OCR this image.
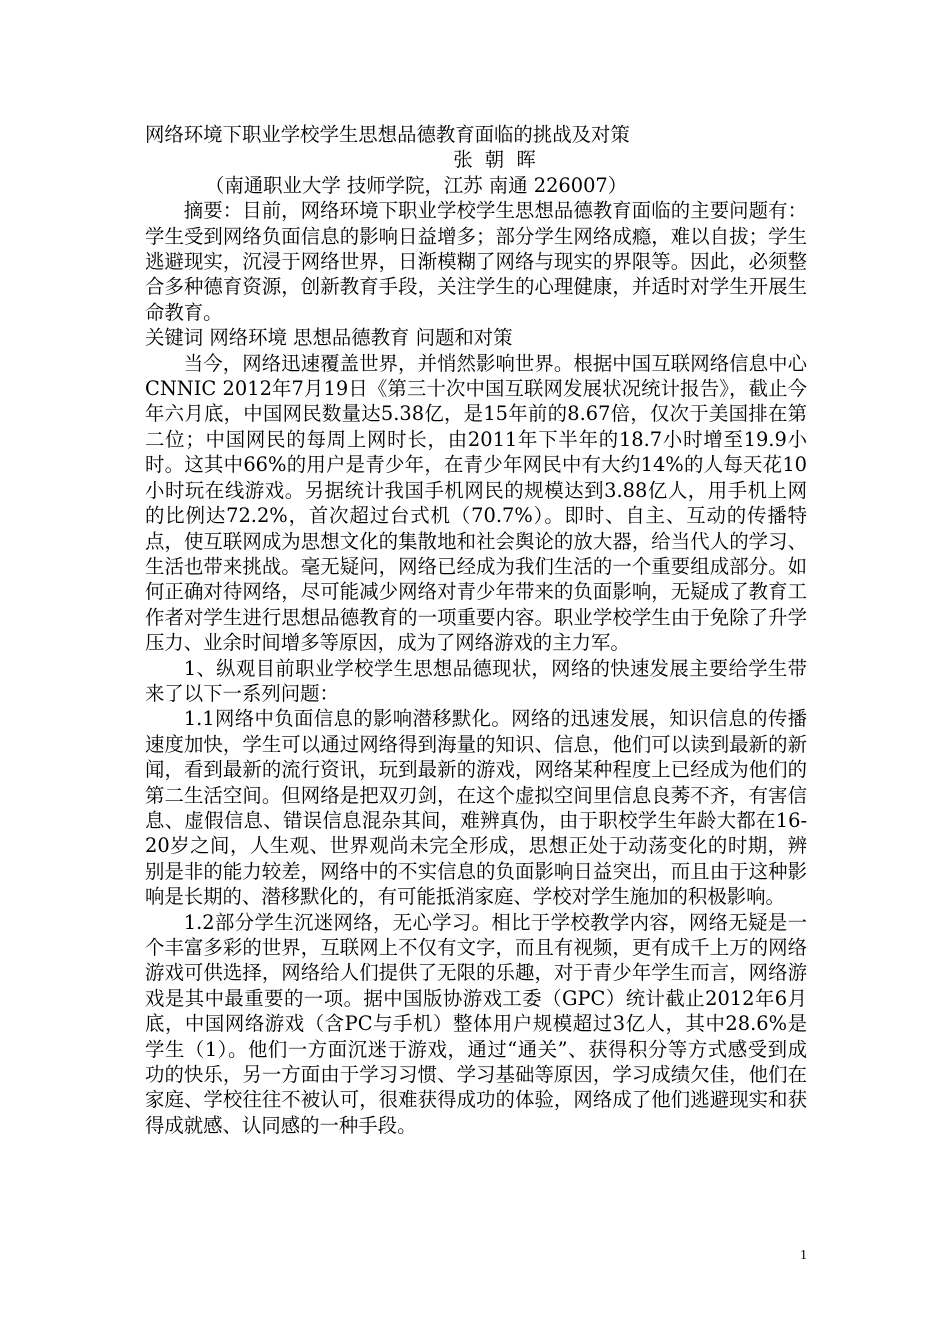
网络环境下职业学校学生思想品德教育面临的挑战及对策
张 朝 晖
（南通职业大学 技师学院，江苏 南通 226007）
摘要：目前，网络环境下职业学校学生思想品德教育面临的主要问题有：学生受到网络负面信息的影响日益增多；部分学生网络成瘾，难以自拔；学生逃避现实，沉浸于网络世界，日渐模糊了网络与现实的界限等。因此，必须整合多种德育资源，创新教育手段，关注学生的心理健康，并适时对学生开展生命教育。
关键词 网络环境 思想品德教育 问题和对策
当今，网络迅速覆盖世界，并悄然影响世界。根据中国互联网络信息中心CNNIC 2012年7月19日《第三十次中国互联网发展状况统计报告》，截止今年六月底，中国网民数量达5.38亿，是15年前的8.67倍，仅次于美国排在第二位；中国网民的每周上网时长，由2011年下半年的18.7小时增至19.9小时。这其中66%的用户是青少年，在青少年网民中有大约14%的人每天花10小时玩在线游戏。另据统计我国手机网民的规模达到3.88亿人，用手机上网的比例达72.2%，首次超过台式机（70.7%）。即时、自主、互动的传播特点，使互联网成为思想文化的集散地和社会舆论的放大器，给当代人的学习、生活也带来挑战。毫无疑问，网络已经成为我们生活的一个重要组成部分。如何正确对待网络，尽可能减少网络对青少年带来的负面影响，无疑成了教育工作者对学生进行思想品德教育的一项重要内容。职业学校学生由于免除了升学压力、业余时间增多等原因，成为了网络游戏的主力军。
1、纵观目前职业学校学生思想品德现状，网络的快速发展主要给学生带来了以下一系列问题：
1.1网络中负面信息的影响潜移默化。网络的迅速发展，知识信息的传播速度加快，学生可以通过网络得到海量的知识、信息，他们可以读到最新的新闻，看到最新的流行资讯，玩到最新的游戏，网络某种程度上已经成为他们的第二生活空间。但网络是把双刃剑，在这个虚拟空间里信息良莠不齐，有害信息、虚假信息、错误信息混杂其间，难辨真伪，由于职校学生年龄大都在16-20岁之间，人生观、世界观尚未完全形成，思想正处于动荡变化的时期，辨别是非的能力较差，网络中的不实信息的负面影响日益突出，而且由于这种影响是长期的、潜移默化的，有可能抵消家庭、学校对学生施加的积极影响。
1.2部分学生沉迷网络，无心学习。相比于学校教学内容，网络无疑是一个丰富多彩的世界，互联网上不仅有文字，而且有视频，更有成千上万的网络游戏可供选择，网络给人们提供了无限的乐趣，对于青少年学生而言，网络游戏是其中最重要的一项。据中国版协游戏工委（GPC）统计截止2012年6月底，中国网络游戏（含PC与手机）整体用户规模超过3亿人，其中28.6%是学生（1）。他们一方面沉迷于游戏，通过“通关”、获得积分等方式感受到成功的快乐，另一方面由于学习习惯、学习基础等原因，学习成绩欠佳，他们在家庭、学校往往不被认可，很难获得成功的体验，网络成了他们逃避现实和获得成就感、认同感的一种手段。
1
